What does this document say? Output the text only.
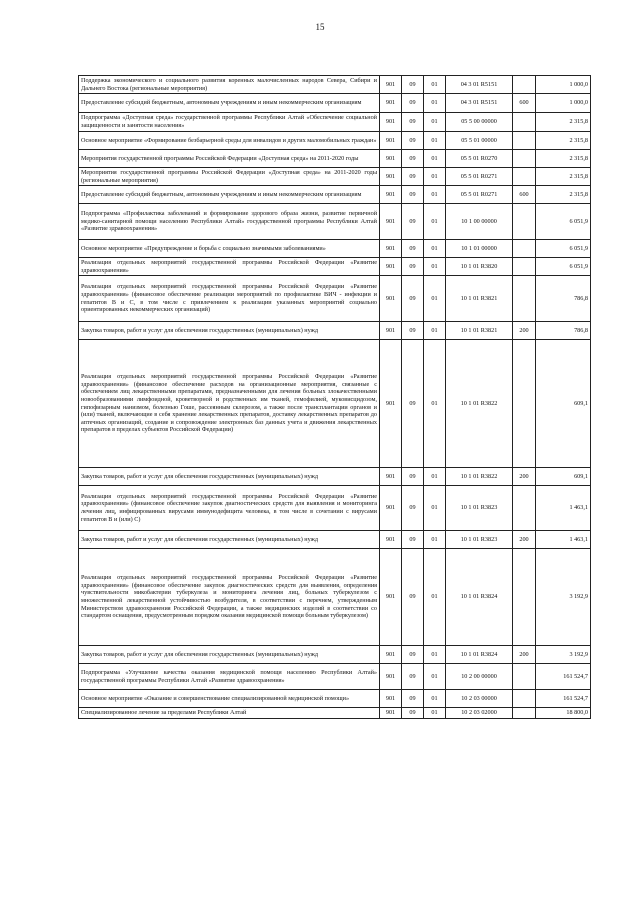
15
Поддержка экономического и социального развития коренных малочисленных народов Севера, Сибири и Дальнего Востока (региональные мероприятия)	901	09	01	04 3 01 R5151		1 000,0
Предоставление субсидий бюджетным, автономным учреждениям и иным некоммерческим организациям	901	09	01	04 3 01 R5151	600	1 000,0
Подпрограмма «Доступная среда» государственной программы Республики Алтай «Обеспечение социальной защищенности и занятости населения»	901	09	01	05 5 00 00000		2 315,8
Основное мероприятие «Формирование безбарьерной среды для инвалидов и других маломобильных граждан»	901	09	01	05 5 01 00000		2 315,8
Мероприятия государственной программы Российской Федерации «Доступная среда» на 2011-2020 годы	901	09	01	05 5 01 R0270		2 315,8
Мероприятия государственной программы Российской Федерации «Доступная среда» на 2011-2020 годы (региональные мероприятия)	901	09	01	05 5 01 R0271		2 315,8
Предоставление субсидий бюджетным, автономным учреждениям и иным некоммерческим организациям	901	09	01	05 5 01 R0271	600	2 315,8
Подпрограмма «Профилактика заболеваний и формирование здорового образа жизни, развитие первичной медико-санитарной помощи населению Республики Алтай» государственной программы Республики Алтай «Развитие здравоохранения»	901	09	01	10 1 00 00000		6 051,9
Основное мероприятие «Предупреждение и борьба с социально значимыми заболеваниями»	901	09	01	10 1 01 00000		6 051,9
Реализация отдельных мероприятий государственной программы Российской Федерации «Развитие здравоохранения»	901	09	01	10 1 01 R3820		6 051,9
Реализация отдельных мероприятий государственной программы Российской Федерации «Развитие здравоохранения» (финансовое обеспечение реализации мероприятий по профилактике ВИЧ - инфекции и гепатитов B и C, в том числе с привлечением к реализации указанных мероприятий социально ориентированных некоммерческих организаций)	901	09	01	10 1 01 R3821		786,8
Закупка товаров, работ и услуг для обеспечения государственных (муниципальных) нужд	901	09	01	10 1 01 R3821	200	786,8
Реализация отдельных мероприятий государственной программы Российской Федерации «Развитие здравоохранения» (финансовое обеспечение расходов на организационные мероприятия, связанные с обеспечением лиц лекарственными препаратами, предназначенными для лечения больных злокачественными новообразованиями лимфоидной, кроветворной и родственных им тканей, гемофилией, муковисцидозом, гипофизарным нанизмом, болезнью Гоше, рассеянным склерозом, а также после трансплантации органов и (или) тканей, включающие в себя хранение лекарственных препаратов, доставку лекарственных препаратов до аптечных организаций, создание и сопровождение электронных баз данных учета и движения лекарственных препаратов в пределах субъектов Российской Федерации)	901	09	01	10 1 01 R3822		609,1
Закупка товаров, работ и услуг для обеспечения государственных (муниципальных) нужд	901	09	01	10 1 01 R3822	200	609,1
Реализация отдельных мероприятий государственной программы Российской Федерации «Развитие здравоохранения» (финансовое обеспечение закупок диагностических средств для выявления и мониторинга лечения лиц, инфицированных вирусами иммунодефицита человека, в том числе в сочетании с вирусами гепатитов B и (или) C)	901	09	01	10 1 01 R3823		1 463,1
Закупка товаров, работ и услуг для обеспечения государственных (муниципальных) нужд	901	09	01	10 1 01 R3823	200	1 463,1
Реализация отдельных мероприятий государственной программы Российской Федерации «Развитие здравоохранения» (финансовое обеспечение закупок диагностических средств для выявления, определения чувствительности микобактерии туберкулеза и мониторинга лечения лиц, больных туберкулезом с множественной лекарственной устойчивостью возбудителя, в соответствии с перечнем, утвержденным Министерством здравоохранения Российской Федерации, а также медицинских изделий в соответствии со стандартом оснащения, предусмотренным порядком оказания медицинской помощи больным туберкулезом)	901	09	01	10 1 01 R3824		3 192,9
Закупка товаров, работ и услуг для обеспечения государственных (муниципальных) нужд	901	09	01	10 1 01 R3824	200	3 192,9
Подпрограмма «Улучшение качества оказания медицинской помощи населению Республики Алтай» государственной программы Республики Алтай «Развитие здравоохранения»	901	09	01	10 2 00 00000		161 524,7
Основное мероприятие «Оказание и совершенствование специализированной медицинской помощи»	901	09	01	10 2 03 00000		161 524,7
Специализированное лечение за пределами Республики Алтай	901	09	01	10 2 03 02000		18 800,0
